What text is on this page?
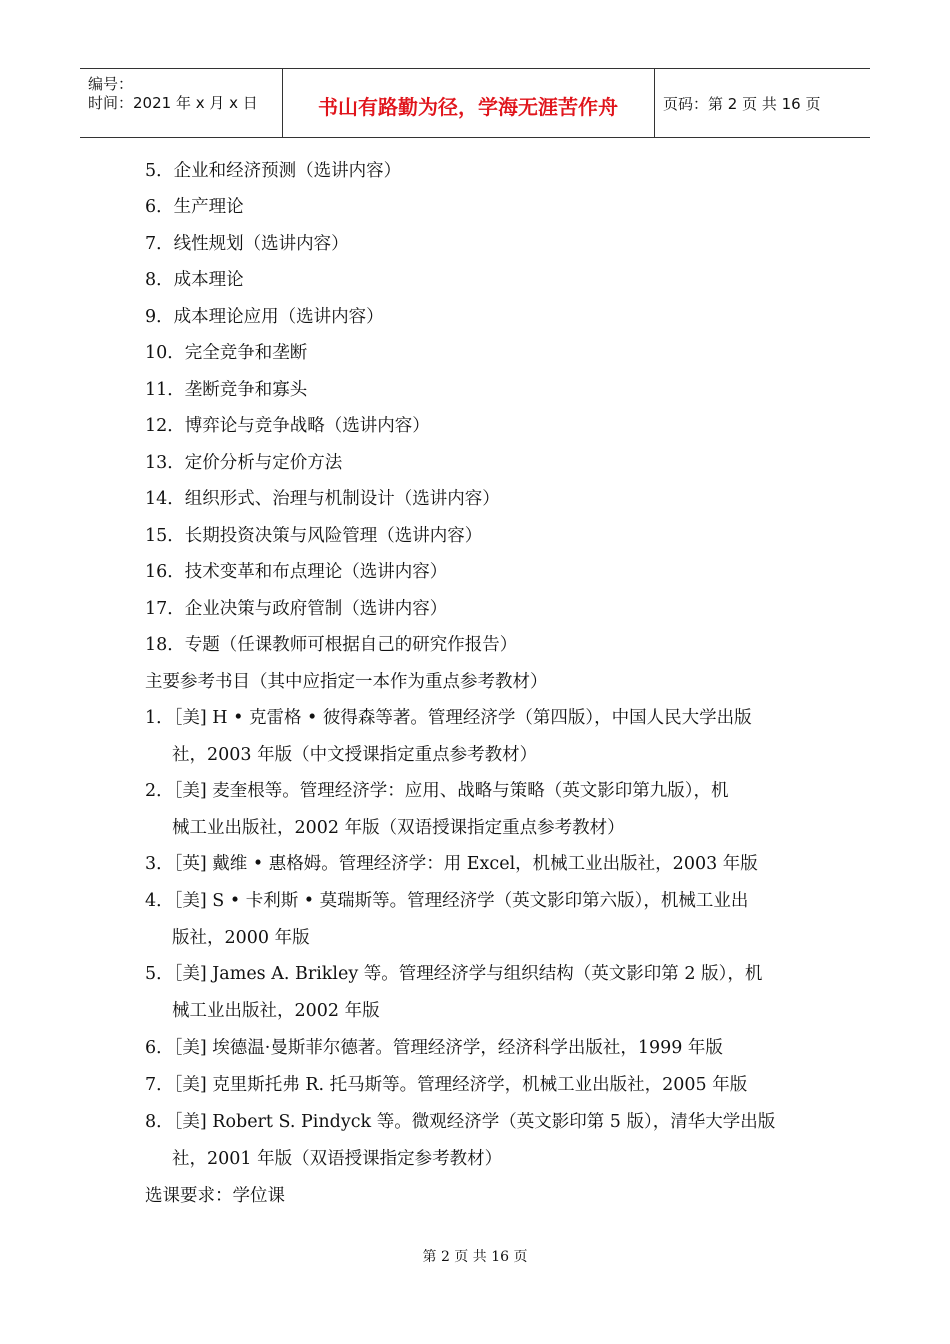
编号：
时间：2021 年 x 月 x 日	书山有路勤为径，学海无涯苦作舟	页码：第 2 页 共 16 页
5．企业和经济预测（选讲内容）
6．生产理论
7．线性规划（选讲内容）
8．成本理论
9．成本理论应用（选讲内容）
10．完全竞争和垄断
11．垄断竞争和寡头
12．博弈论与竞争战略（选讲内容）
13．定价分析与定价方法
14．组织形式、治理与机制设计（选讲内容）
15．长期投资决策与风险管理（选讲内容）
16．技术变革和布点理论（选讲内容）
17．企业决策与政府管制（选讲内容）
18．专题（任课教师可根据自己的研究作报告）
主要参考书目（其中应指定一本作为重点参考教材）
1．［美] H • 克雷格 • 彼得森等著。管理经济学（第四版），中国人民大学出版
社，2003 年版（中文授课指定重点参考教材）
2．［美] 麦奎根等。管理经济学：应用、战略与策略（英文影印第九版），机
械工业出版社，2002 年版（双语授课指定重点参考教材）
3．［英] 戴维 • 惠格姆。管理经济学：用 Excel，机械工业出版社，2003 年版
4．［美] S • 卡利斯 • 莫瑞斯等。管理经济学（英文影印第六版），机械工业出
版社，2000 年版
5．［美] James A. Brikley 等。管理经济学与组织结构（英文影印第 2 版），机
械工业出版社，2002 年版
6．［美] 埃德温·曼斯菲尔德著。管理经济学，经济科学出版社，1999 年版
7．［美] 克里斯托弗 R. 托马斯等。管理经济学，机械工业出版社，2005 年版
8．［美] Robert S. Pindyck 等。微观经济学（英文影印第 5 版），清华大学出版
社，2001 年版（双语授课指定参考教材）
选课要求：学位课
第 2 页 共 16 页
